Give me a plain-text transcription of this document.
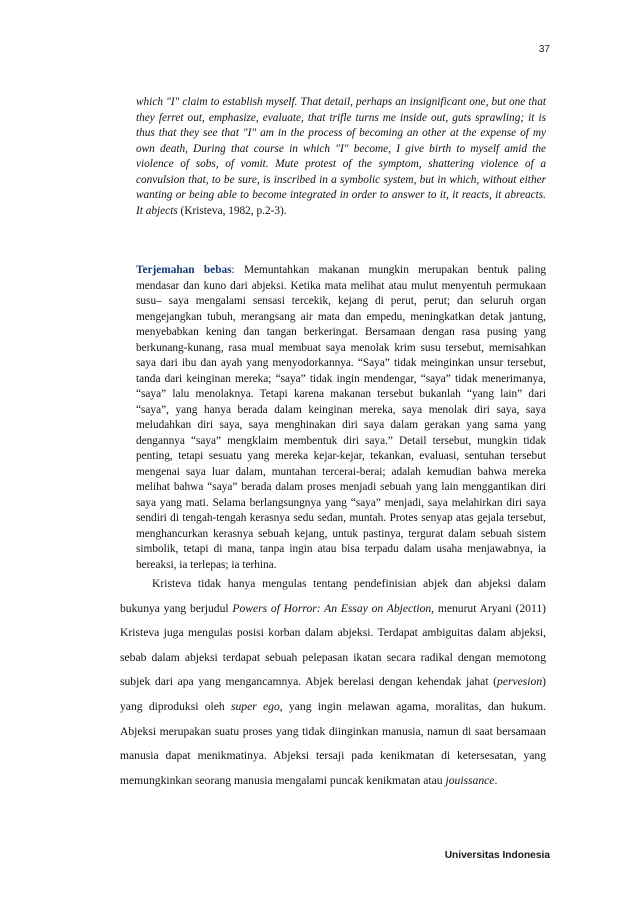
37
which "I" claim to establish myself. That detail, perhaps an insignificant one, but one that they ferret out, emphasize, evaluate, that trifle turns me inside out, guts sprawling; it is thus that they see that "I" am in the process of becoming an other at the expense of my own death, During that course in which "I" become, I give birth to myself amid the violence of sobs, of vomit. Mute protest of the symptom, shattering violence of a convulsion that, to be sure, is inscribed in a symbolic system, but in which, without either wanting or being able to become integrated in order to answer to it, it reacts, it abreacts. It abjects (Kristeva, 1982, p.2-3).
Terjemahan bebas: Memuntahkan makanan mungkin merupakan bentuk paling mendasar dan kuno dari abjeksi. Ketika mata melihat atau mulut menyentuh permukaan susu– saya mengalami sensasi tercekik, kejang di perut, perut; dan seluruh organ mengejangkan tubuh, merangsang air mata dan empedu, meningkatkan detak jantung, menyebabkan kening dan tangan berkeringat. Bersamaan dengan rasa pusing yang berkunang-kunang, rasa mual membuat saya menolak krim susu tersebut, memisahkan saya dari ibu dan ayah yang menyodorkannya. “Saya” tidak meinginkan unsur tersebut, tanda dari keinginan mereka; “saya” tidak ingin mendengar, “saya” tidak menerimanya, “saya” lalu menolaknya. Tetapi karena makanan tersebut bukanlah “yang lain” dari “saya”, yang hanya berada dalam keinginan mereka, saya menolak diri saya, saya meludahkan diri saya, saya menghinakan diri saya dalam gerakan yang sama yang dengannya “saya” mengklaim membentuk diri saya.” Detail tersebut, mungkin tidak penting, tetapi sesuatu yang mereka kejar-kejar, tekankan, evaluasi, sentuhan tersebut mengenai saya luar dalam, muntahan tercerai-berai; adalah kemudian bahwa mereka melihat bahwa “saya” berada dalam proses menjadi sebuah yang lain menggantikan diri saya yang mati. Selama berlangsungnya yang “saya” menjadi, saya melahirkan diri saya sendiri di tengah-tengah kerasnya sedu sedan, muntah. Protes senyap atas gejala tersebut, menghancurkan kerasnya sebuah kejang, untuk pastinya, tergurat dalam sebuah sistem simbolik, tetapi di mana, tanpa ingin atau bisa terpadu dalam usaha menjawabnya, ia bereaksi, ia terlepas; ia terhina.
Kristeva tidak hanya mengulas tentang pendefinisian abjek dan abjeksi dalam bukunya yang berjudul Powers of Horror: An Essay on Abjection, menurut Aryani (2011) Kristeva juga mengulas posisi korban dalam abjeksi. Terdapat ambiguitas dalam abjeksi, sebab dalam abjeksi terdapat sebuah pelepasan ikatan secara radikal dengan memotong subjek dari apa yang mengancamnya. Abjek berelasi dengan kehendak jahat (pervesion) yang diproduksi oleh super ego, yang ingin melawan agama, moralitas, dan hukum. Abjeksi merupakan suatu proses yang tidak diinginkan manusia, namun di saat bersamaan manusia dapat menikmatinya. Abjeksi tersaji pada kenikmatan di ketersesatan, yang memungkinkan seorang manusia mengalami puncak kenikmatan atau jouissance.
Universitas Indonesia
